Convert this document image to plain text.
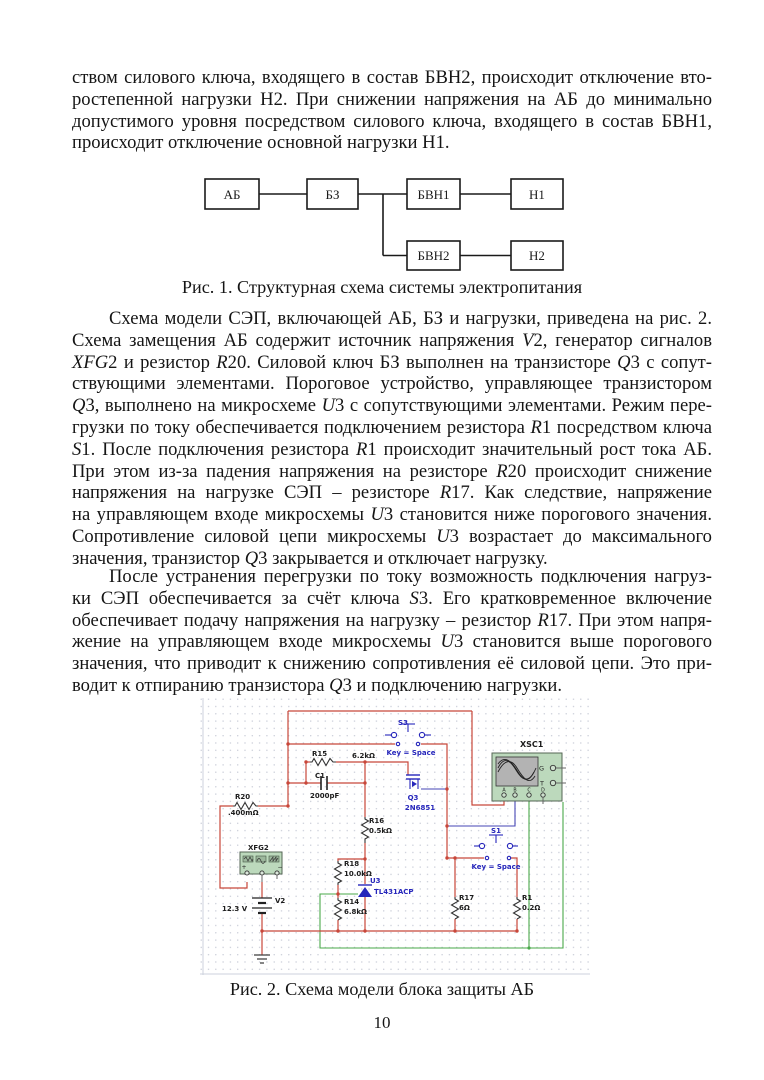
ством силового ключа, входящего в состав БВН2, происходит отключение вто-
ростепенной нагрузки Н2. При снижении напряжения на АБ до минимально
допустимого уровня посредством силового ключа, входящего в состав БВН1,
происходит отключение основной нагрузки Н1.
Схема модели СЭП, включающей АБ, БЗ и нагрузки, приведена на рис. 2.
Схема замещения АБ содержит источник напряжения V2, генератор сигналов
XFG2 и резистор R20. Силовой ключ БЗ выполнен на транзисторе Q3 с сопут-
ствующими элементами. Пороговое устройство, управляющее транзистором
Q3, выполнено на микросхеме U3 с сопутствующими элементами. Режим пере-
грузки по току обеспечивается подключением резистора R1 посредством ключа
S1. После подключения резистора R1 происходит значительный рост тока АБ.
При этом из-за падения напряжения на резисторе R20 происходит снижение
напряжения на нагрузке СЭП – резисторе R17. Как следствие, напряжение
на управляющем входе микросхемы U3 становится ниже порогового значения.
Сопротивление силовой цепи микросхемы U3 возрастает до максимального
значения, транзистор Q3 закрывается и отключает нагрузку.
После устранения перегрузки по току возможность подключения нагруз-
ки СЭП обеспечивается за счёт ключа S3. Его кратковременное включение
обеспечивает подачу напряжения на нагрузку – резистор R17. При этом напря-
жение на управляющем входе микросхемы U3 становится выше порогового
значения, что приводит к снижению сопротивления её силовой цепи. Это при-
водит к отпиранию транзистора Q3 и подключению нагрузки.
АБ	БЗ	БВН1	Н1
БВН2	Н2
Рис. 1. Структурная схема системы электропитания
+	−
G
T
A B C D
R20
.400mΩ
R15	6.2kΩ
C1
2000pF
R16
0.5kΩ
R18
10.0kΩ
R14
6.8kΩ
R17
6Ω
R1
0.2Ω
XFG2
V2
12.3 V
XSC1
S3
Key = Space
Q3
2N6851
S1
Key = Space
U3
TL431ACP
Рис. 2. Схема модели блока защиты АБ
10
